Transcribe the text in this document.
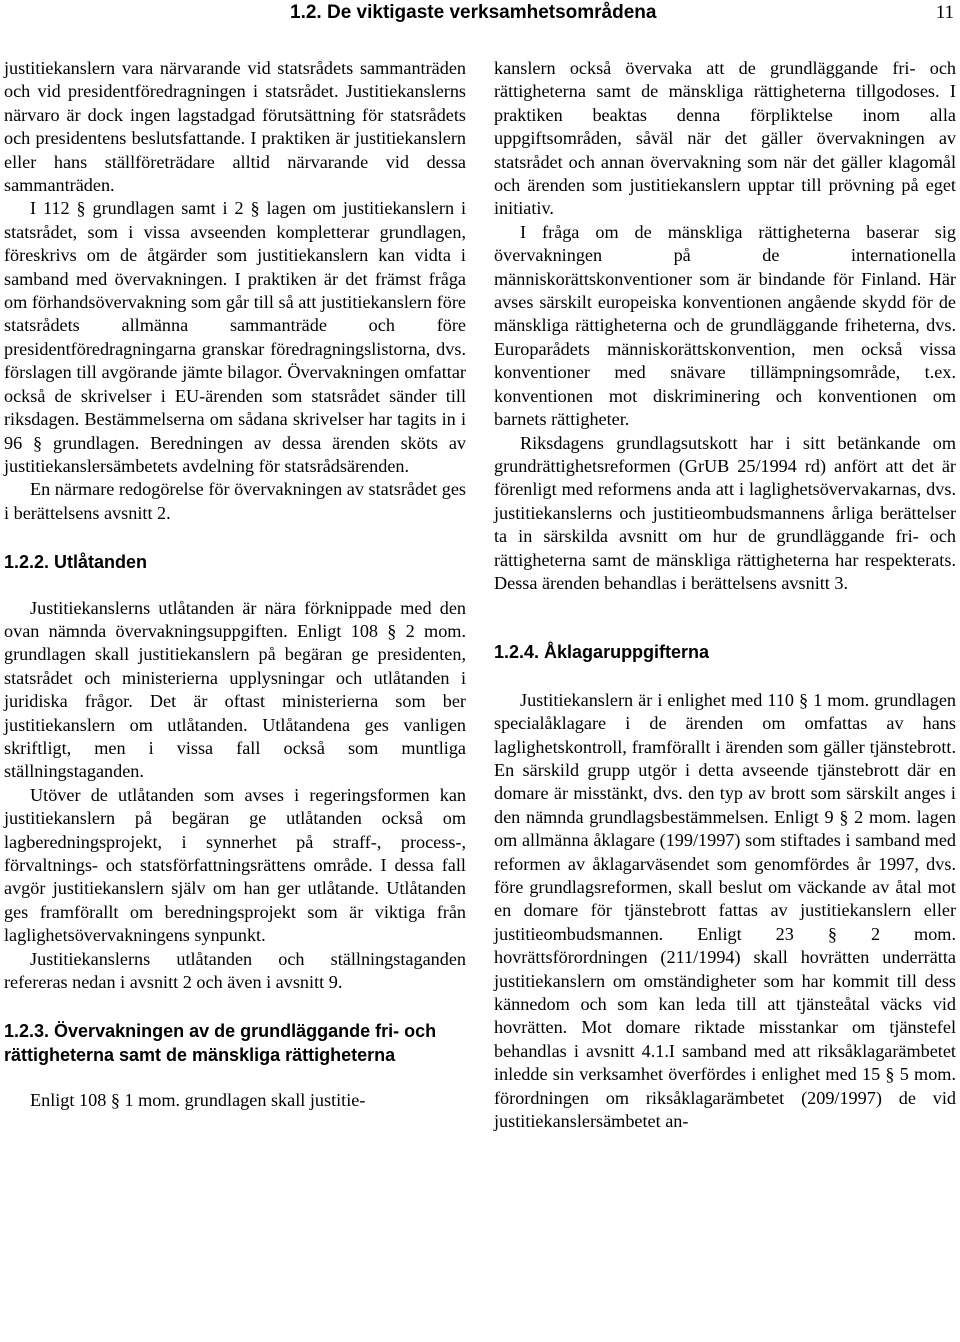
1.2. De viktigaste verksamhetsområdena	11

justitiekanslern vara närvarande vid statsrådets sammanträden och vid presidentföredragningen i statsrådet. Justitiekanslerns närvaro är dock ingen lagstadgad förutsättning för statsrådets och presidentens beslutsfattande. I praktiken är justitiekanslern eller hans ställföreträdare alltid närvarande vid dessa sammanträden.

I 112 § grundlagen samt i 2 § lagen om justitiekanslern i statsrådet, som i vissa avseenden kompletterar grundlagen, föreskrivs om de åtgärder som justitiekanslern kan vidta i samband med övervakningen. I praktiken är det främst fråga om förhandsövervakning som går till så att justitiekanslern före statsrådets allmänna sammanträde och före presidentföredragningarna granskar föredragningslistorna, dvs. förslagen till avgörande jämte bilagor. Övervakningen omfattar också de skrivelser i EU-ärenden som statsrådet sänder till riksdagen. Bestämmelserna om sådana skrivelser har tagits in i 96 § grundlagen. Beredningen av dessa ärenden sköts av justitiekanslersämbetets avdelning för statsrådsärenden.

En närmare redogörelse för övervakningen av statsrådet ges i berättelsens avsnitt 2.

1.2.2. Utlåtanden

Justitiekanslerns utlåtanden är nära förknippade med den ovan nämnda övervakningsuppgiften. Enligt 108 § 2 mom. grundlagen skall justitiekanslern på begäran ge presidenten, statsrådet och ministerierna upplysningar och utlåtanden i juridiska frågor. Det är oftast ministerierna som ber justitiekanslern om utlåtanden. Utlåtandena ges vanligen skriftligt, men i vissa fall också som muntliga ställningstaganden.

Utöver de utlåtanden som avses i regeringsformen kan justitiekanslern på begäran ge utlåtanden också om lagberedningsprojekt, i synnerhet på straff-, process-, förvaltnings- och statsförfattningsrättens område. I dessa fall avgör justitiekanslern själv om han ger utlåtande. Utlåtanden ges framförallt om beredningsprojekt som är viktiga från laglighetsövervakningens synpunkt.

Justitiekanslerns utlåtanden och ställningstaganden refereras nedan i avsnitt 2 och även i avsnitt 9.

1.2.3. Övervakningen av de grundläggande fri- och rättigheterna samt de mänskliga rättigheterna

Enligt 108 § 1 mom. grundlagen skall justitie-

kanslern också övervaka att de grundläggande fri- och rättigheterna samt de mänskliga rättigheterna tillgodoses. I praktiken beaktas denna förpliktelse inom alla uppgiftsområden, såväl när det gäller övervakningen av statsrådet och annan övervakning som när det gäller klagomål och ärenden som justitiekanslern upptar till prövning på eget initiativ.

I fråga om de mänskliga rättigheterna baserar sig övervakningen på de internationella människorättskonventioner som är bindande för Finland. Här avses särskilt europeiska konventionen angående skydd för de mänskliga rättigheterna och de grundläggande friheterna, dvs. Europarådets människorättskonvention, men också vissa konventioner med snävare tillämpningsområde, t.ex. konventionen mot diskriminering och konventionen om barnets rättigheter.

Riksdagens grundlagsutskott har i sitt betänkande om grundrättighetsreformen (GrUB 25/1994 rd) anfört att det är förenligt med reformens anda att i laglighetsövervakarnas, dvs. justitiekanslerns och justitieombudsmannens årliga berättelser ta in särskilda avsnitt om hur de grundläggande fri- och rättigheterna samt de mänskliga rättigheterna har respekterats. Dessa ärenden behandlas i berättelsens avsnitt 3.

1.2.4. Åklagaruppgifterna

Justitiekanslern är i enlighet med 110 § 1 mom. grundlagen specialåklagare i de ärenden om omfattas av hans laglighetskontroll, framförallt i ärenden som gäller tjänstebrott. En särskild grupp utgör i detta avseende tjänstebrott där en domare är misstänkt, dvs. den typ av brott som särskilt anges i den nämnda grundlagsbestämmelsen. Enligt 9 § 2 mom. lagen om allmänna åklagare (199/1997) som stiftades i samband med reformen av åklagarväsendet som genomfördes år 1997, dvs. före grundlagsreformen, skall beslut om väckande av åtal mot en domare för tjänstebrott fattas av justitiekanslern eller justitieombudsmannen. Enligt 23 § 2 mom. hovrättsförordningen (211/1994) skall hovrätten underrätta justitiekanslern om omständigheter som har kommit till dess kännedom och som kan leda till att tjänsteåtal väcks vid hovrätten. Mot domare riktade misstankar om tjänstefel behandlas i avsnitt 4.1.I samband med att riksåklagarämbetet inledde sin verksamhet överfördes i enlighet med 15 § 5 mom. förordningen om riksåklagarämbetet (209/1997) de vid justitiekanslersämbetet an-
